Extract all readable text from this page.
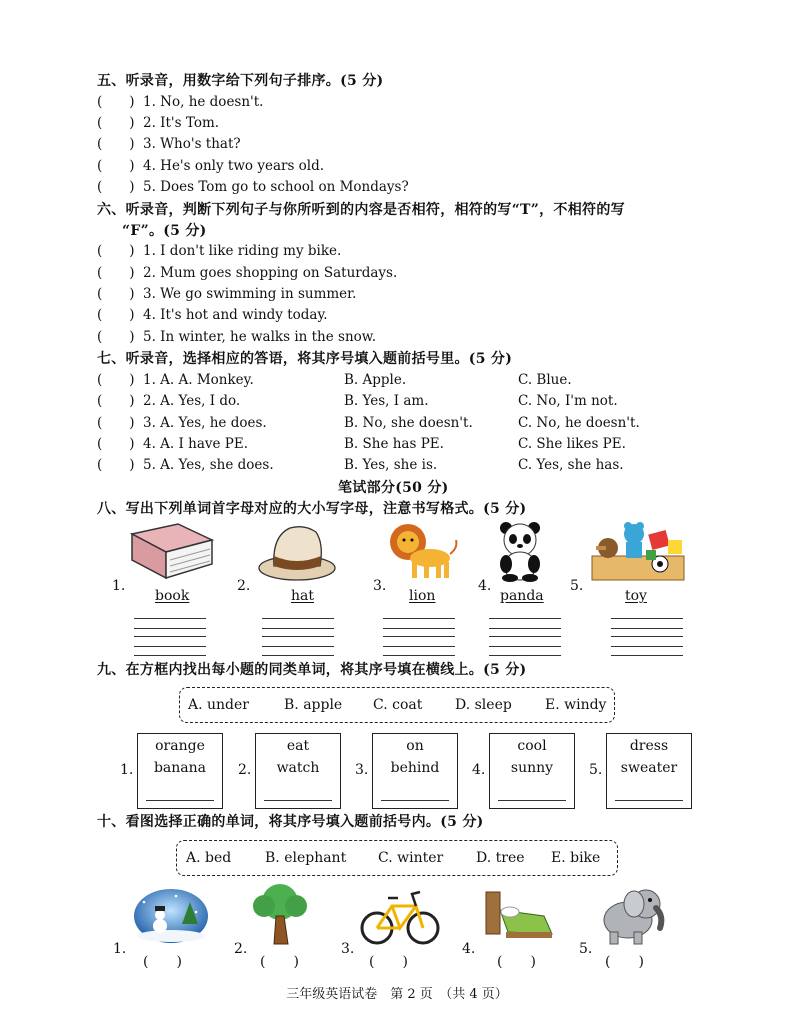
五、听录音，用数字给下列句子排序。(5 分)
(　　) 1. No, he doesn't.
(　　) 2. It's Tom.
(　　) 3. Who's that?
(　　) 4. He's only two years old.
(　　) 5. Does Tom go to school on Mondays?
六、听录音，判断下列句子与你所听到的内容是否相符，相符的写“T”，不相符的写
“F”。(5 分)
(　　) 1. I don't like riding my bike.
(　　) 2. Mum goes shopping on Saturdays.
(　　) 3. We go swimming in summer.
(　　) 4. It's hot and windy today.
(　　) 5. In winter, he walks in the snow.
七、听录音，选择相应的答语，将其序号填入题前括号里。(5 分)
(　　) 1. A. A. Monkey.	B. Apple.	C. Blue.
(　　) 2. A. Yes, I do.	B. Yes, I am.	C. No, I'm not.
(　　) 3. A. Yes, he does.	B. No, she doesn't.	C. No, he doesn't.
(　　) 4. A. I have PE.	B. She has PE.	C. She likes PE.
(　　) 5. A. Yes, she does.	B. Yes, she is.	C. Yes, she has.
笔试部分(50 分)
八、写出下列单词首字母对应的大小写字母，注意书写格式。(5 分)
1.	2.	3.	4.	5.
book	hat	lion	panda	toy
九、在方框内找出每小题的同类单词，将其序号填在横线上。(5 分)
A. under	B. apple C. coat D. sleep E. windy
1.
orange
banana	2.
eat
watch	3.
on
behind	4.
cool
sunny	5.
dress
sweater
十、看图选择正确的单词，将其序号填入题前括号内。(5 分)
A. bed B. elephant C. winter D. tree E. bike
1.
(　　)
2.
(　　)
3.
(　　)
4.
(　　)
5.
(　　)
三年级英语试卷　第 2 页　（共 4 页）
